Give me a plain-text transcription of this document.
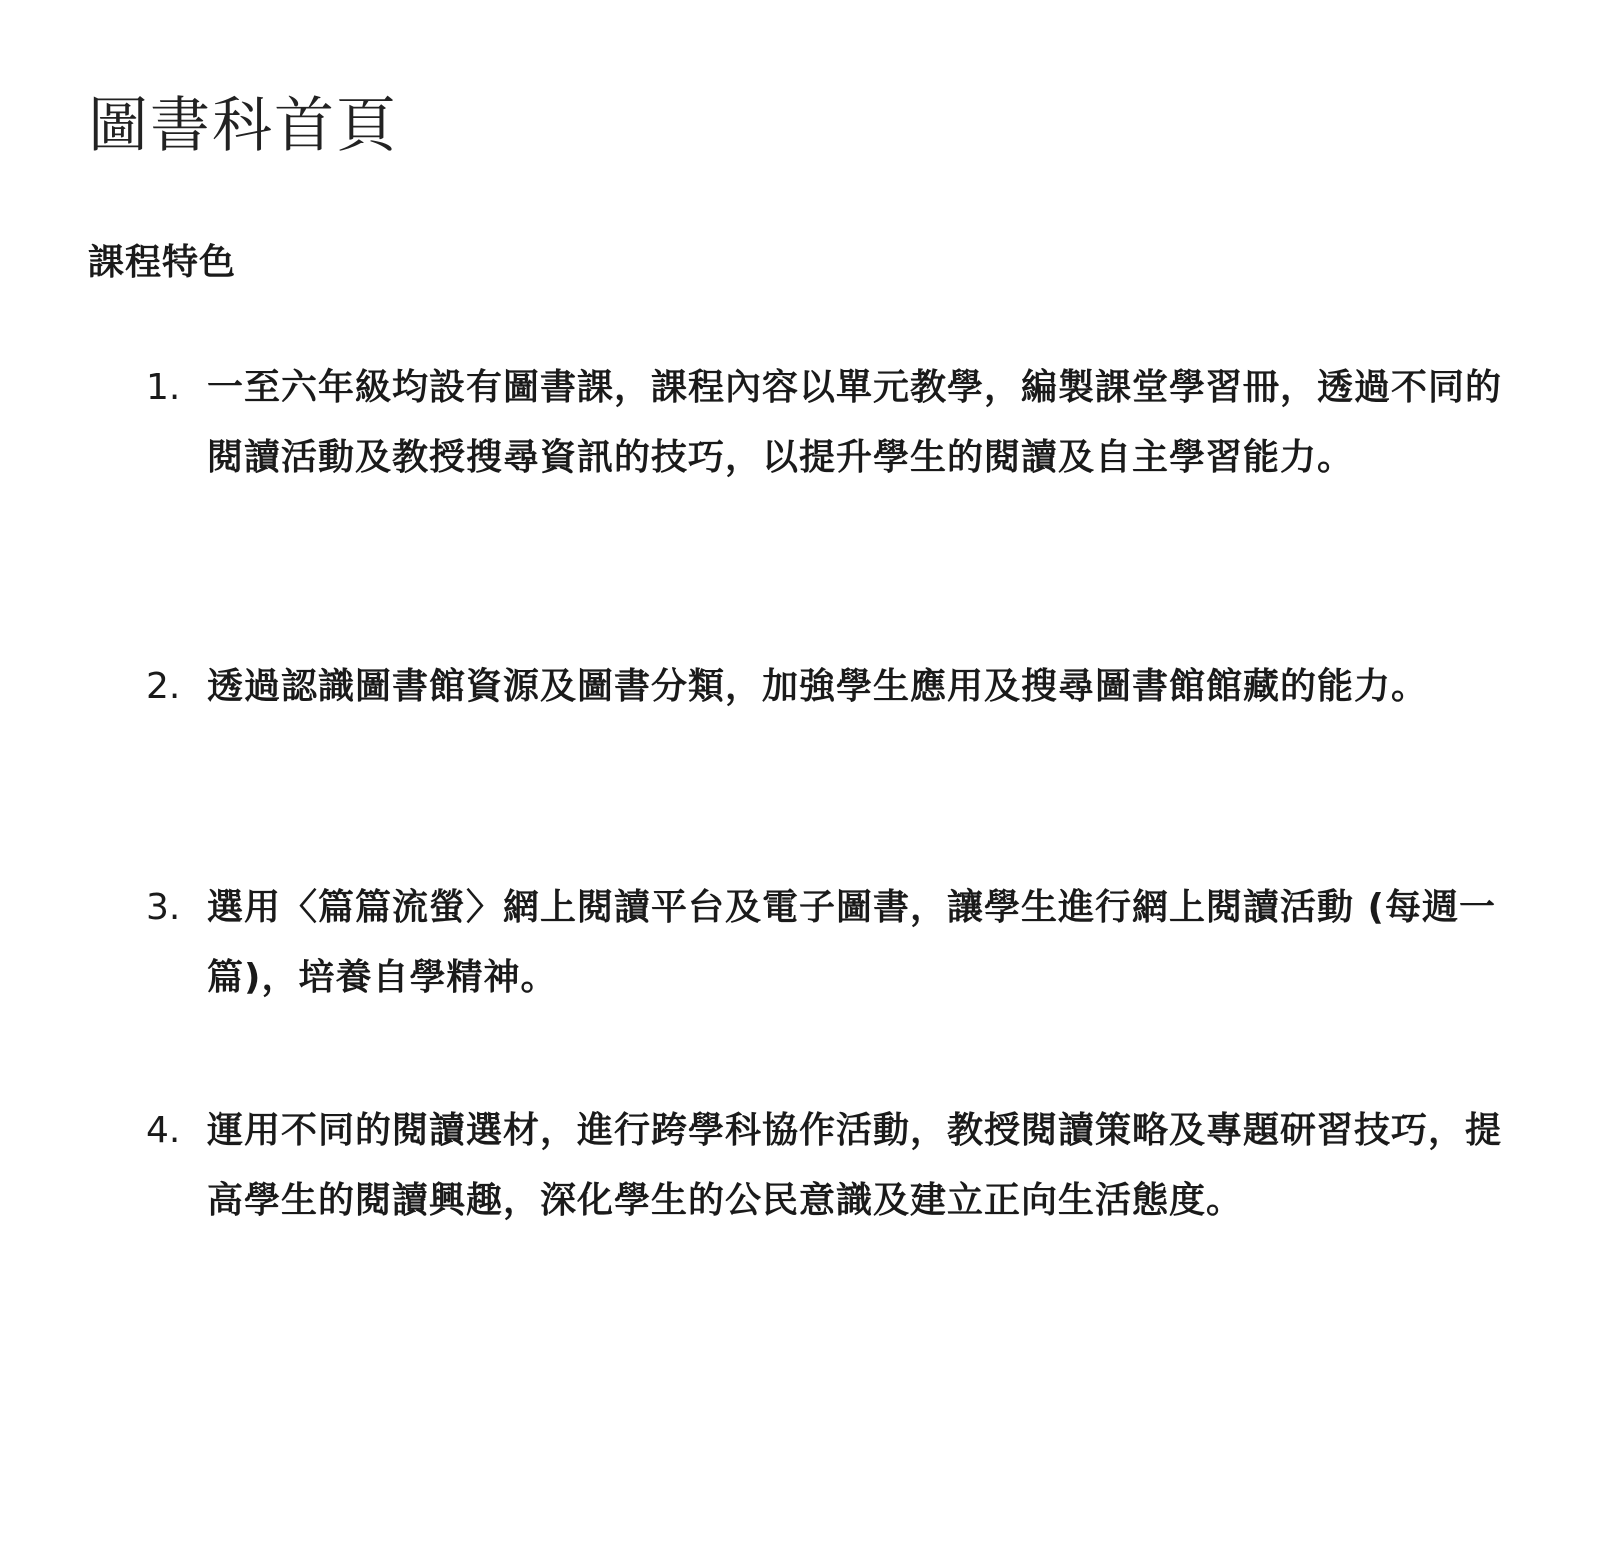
圖書科首頁
課程特色
1. 一至六年級均設有圖書課，課程內容以單元教學，編製課堂學習冊，透過不同的閱讀活動及教授搜尋資訊的技巧，以提升學生的閱讀及自主學習能力。
2. 透過認識圖書館資源及圖書分類，加強學生應用及搜尋圖書館館藏的能力。
3. 選用〈篇篇流螢〉網上閱讀平台及電子圖書，讓學生進行網上閱讀活動 (每週一篇)，培養自學精神。
4. 運用不同的閱讀選材，進行跨學科協作活動，教授閱讀策略及專題研習技巧，提高學生的閱讀興趣，深化學生的公民意識及建立正向生活態度。
